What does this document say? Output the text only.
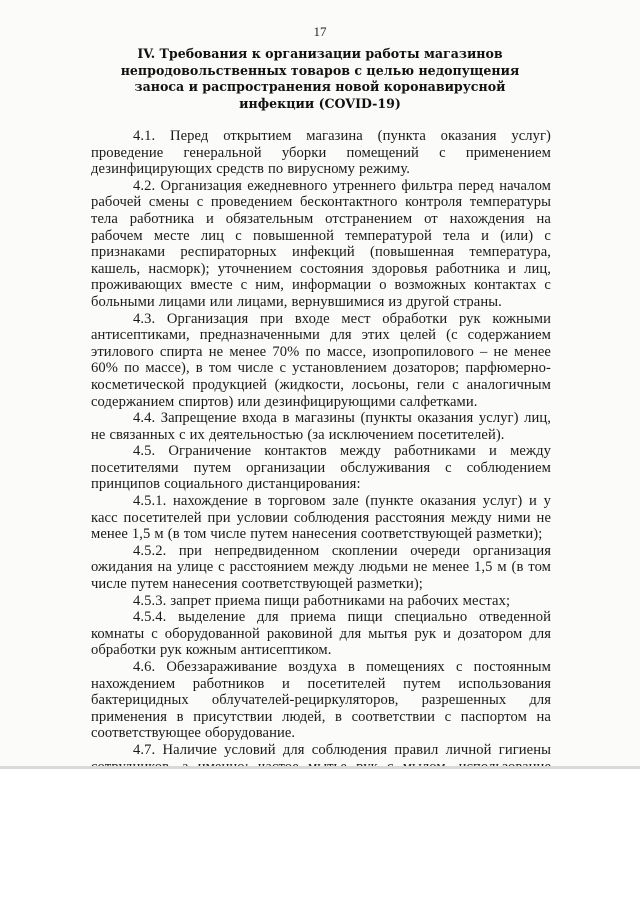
17
IV. Требования к организации работы магазинов непродовольственных товаров с целью недопущения заноса и распространения новой коронавирусной инфекции (COVID-19)

4.1. Перед открытием магазина (пункта оказания услуг) проведение генеральной уборки помещений с применением дезинфицирующих средств по вирусному режиму.

4.2. Организация ежедневного утреннего фильтра перед началом рабочей смены с проведением бесконтактного контроля температуры тела работника и обязательным отстранением от нахождения на рабочем месте лиц с повышенной температурой тела и (или) с признаками респираторных инфекций (повышенная температура, кашель, насморк); уточнением состояния здоровья работника и лиц, проживающих вместе с ним, информации о возможных контактах с больными лицами или лицами, вернувшимися из другой страны.

4.3. Организация при входе мест обработки рук кожными антисептиками, предназначенными для этих целей (с содержанием этилового спирта не менее 70% по массе, изопропилового – не менее 60% по массе), в том числе с установлением дозаторов; парфюмерно-косметической продукцией (жидкости, лосьоны, гели с аналогичным содержанием спиртов) или дезинфицирующими салфетками.

4.4. Запрещение входа в магазины (пункты оказания услуг) лиц, не связанных с их деятельностью (за исключением посетителей).

4.5. Ограничение контактов между работниками и между посетителями путем организации обслуживания с соблюдением принципов социального дистанцирования:

4.5.1. нахождение в торговом зале (пункте оказания услуг) и у касс посетителей при условии соблюдения расстояния между ними не менее 1,5 м (в том числе путем нанесения соответствующей разметки);

4.5.2. при непредвиденном скоплении очереди организация ожидания на улице с расстоянием между людьми не менее 1,5 м (в том числе путем нанесения соответствующей разметки);

4.5.3. запрет приема пищи работниками на рабочих местах;

4.5.4. выделение для приема пищи специально отведенной комнаты с оборудованной раковиной для мытья рук и дозатором для обработки рук кожным антисептиком.

4.6. Обеззараживание воздуха в помещениях с постоянным нахождением работников и посетителей путем использования бактерицидных облучателей-рециркуляторов, разрешенных для применения в присутствии людей, в соответствии с паспортом на соответствующее оборудование.

4.7. Наличие условий для соблюдения правил личной гигиены
